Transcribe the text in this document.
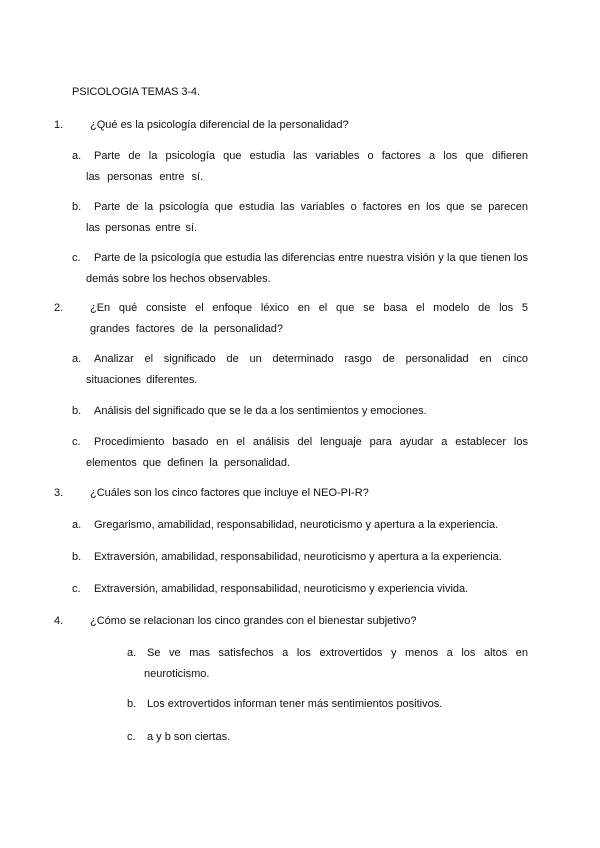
PSICOLOGIA TEMAS 3-4.
1. ¿Qué es la psicología diferencial de la personalidad?
a. Parte de la psicología que estudia las variables o factores a los que difieren las personas entre sí.
b. Parte de la psicología que estudia las variables o factores en los que se parecen las personas entre sí.
c. Parte de la psicología que estudia las diferencias entre nuestra visión y la que tienen los demás sobre los hechos observables.
2. ¿En qué consiste el enfoque léxico en el que se basa el modelo de los 5 grandes factores de la personalidad?
a. Analizar el significado de un determinado rasgo de personalidad en cinco situaciones diferentes.
b. Análisis del significado que se le da a los sentimientos y emociones.
c. Procedimiento basado en el análisis del lenguaje para ayudar a establecer los elementos que definen la personalidad.
3. ¿Cuáles son los cinco factores que incluye el NEO-PI-R?
a. Gregarismo, amabilidad, responsabilidad, neuroticismo y apertura a la experiencia.
b. Extraversión, amabilidad, responsabilidad, neuroticismo y apertura a la experiencia.
c. Extraversión, amabilidad, responsabilidad, neuroticismo y experiencia vivida.
4. ¿Cómo se relacionan los cinco grandes con el bienestar subjetivo?
a. Se ve mas satisfechos a los extrovertidos y menos a los altos en neuroticismo.
b. Los extrovertidos informan tener más sentimientos positivos.
c. a y b son ciertas.
